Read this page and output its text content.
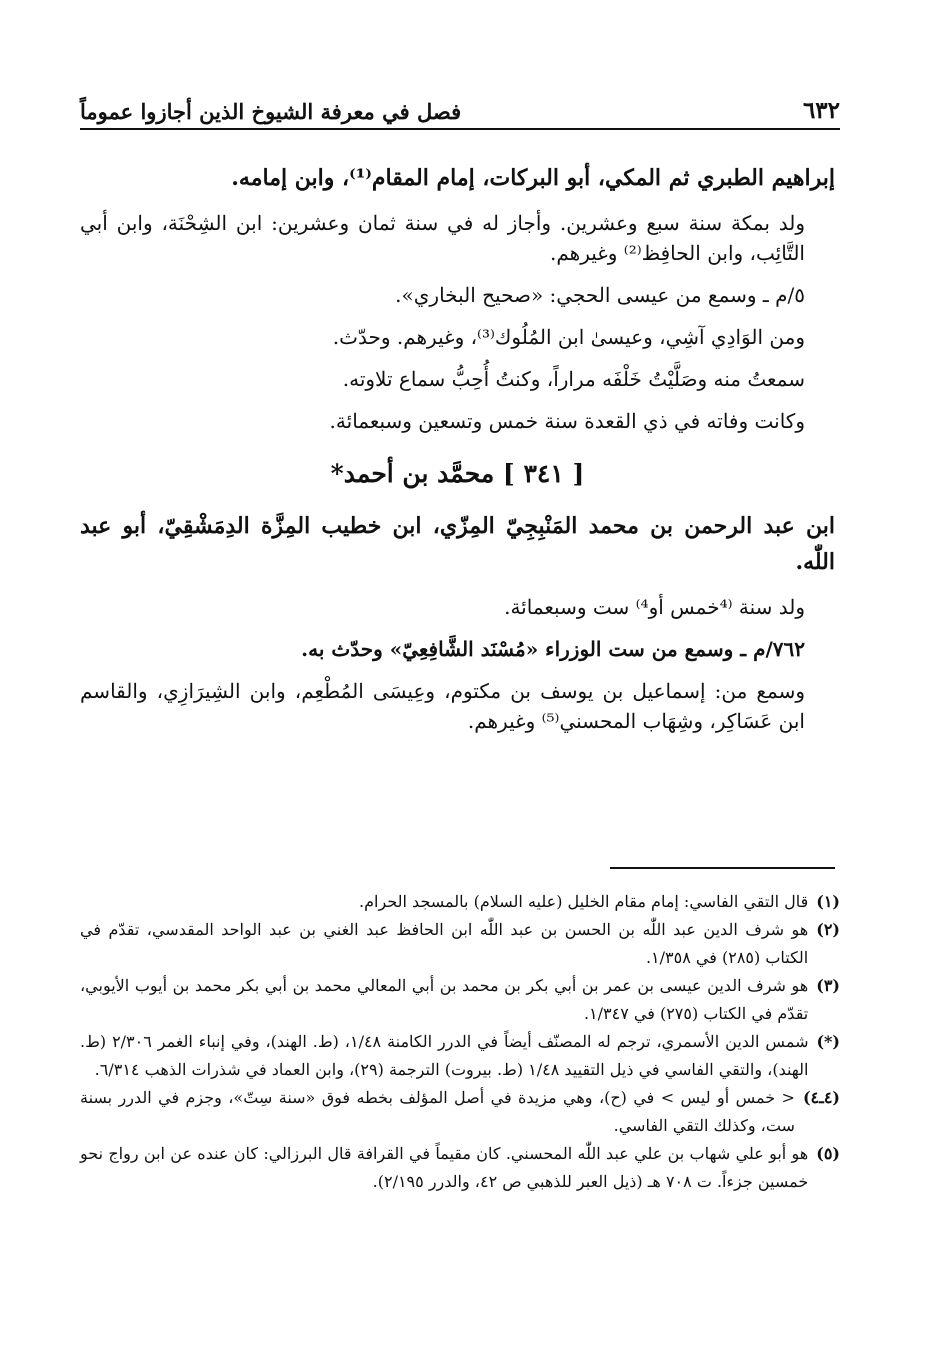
٦٣٢
فصل في معرفة الشيوخ الذين أجازوا عموماً

إبراهيم الطبري ثم المكي، أبو البركات، إمام المقام⁽¹⁾، وابن إمامه.

ولد بمكة سنة سبع وعشرين. وأجاز له في سنة ثمان وعشرين: ابن الشِحْنَة، وابن أبي التَّائِب، وابن الحافِظ⁽²⁾ وغيرهم.

٥/م ـ وسمع من عيسى الحجي: «صحيح البخاري».

ومن الوَادِي آشِي، وعيسىٰ ابن المُلُوك⁽³⁾، وغيرهم. وحدّث.

سمعتُ منه وصَلَّيْتُ خَلْفَه مراراً، وكنتُ أُحِبُّ سماع تلاوته.

وكانت وفاته في ذي القعدة سنة خمس وتسعين وسبعمائة.

[ ٣٤١ ] محمَّد بن أحمد*

ابن عبد الرحمن بن محمد المَنْبِجِيّ المِزّي، ابن خطيب المِزَّة الدِمَشْقِيّ، أبو عبد اللّٰه.

ولد سنة ⁽⁴خمس أو⁴⁾ ست وسبعمائة.

٧٦٢/م ـ وسمع من ست الوزراء «مُسْنَد الشَّافِعِيّ» وحدّث به.

وسمع من: إسماعيل بن يوسف بن مكتوم، وعِيسَى المُطْعِم، وابن الشِيرَازِي، والقاسم ابن عَسَاكِر، وشِهَاب المحسني⁽⁵⁾ وغيرهم.

(١)
قال التقي الفاسي: إمام مقام الخليل (عليه السلام) بالمسجد الحرام.
(٢)
هو شرف الدين عبد اللّٰه بن الحسن بن عبد اللّٰه ابن الحافظ عبد الغني بن عبد الواحد المقدسي، تقدّم في الكتاب (٢٨٥) في ١/٣٥٨.
(٣)
هو شرف الدين عيسى بن عمر بن أبي بكر بن محمد بن أبي المعالي محمد بن أبي بكر محمد بن أيوب الأيوبي، تقدّم في الكتاب (٢٧٥) في ١/٣٤٧.
(*)
شمس الدين الأسمري، ترجم له المصنّف أيضاً في الدرر الكامنة ١/٤٨، (ط. الهند)، وفي إنباء الغمر ٢/٣٠٦ (ط. الهند)، والتقي الفاسي في ذيل التقييد ١/٤٨ (ط. بيروت) الترجمة (٢٩)، وابن العماد في شذرات الذهب ٦/٣١٤.
(٤ـ٤)
< خمس أو ليس > في (ح)، وهي مزيدة في أصل المؤلف بخطه فوق «سنة سِتّ»، وجزم في الدرر بسنة ست، وكذلك التقي الفاسي.
(٥)
هو أبو علي شهاب بن علي عبد اللّٰه المحسني. كان مقيماً في القرافة قال البرزالي: كان عنده عن ابن رواج نحو خمسين جزءاً. ت ٧٠٨ هـ (ذيل العبر للذهبي ص ٤٢، والدرر ٢/١٩٥).
